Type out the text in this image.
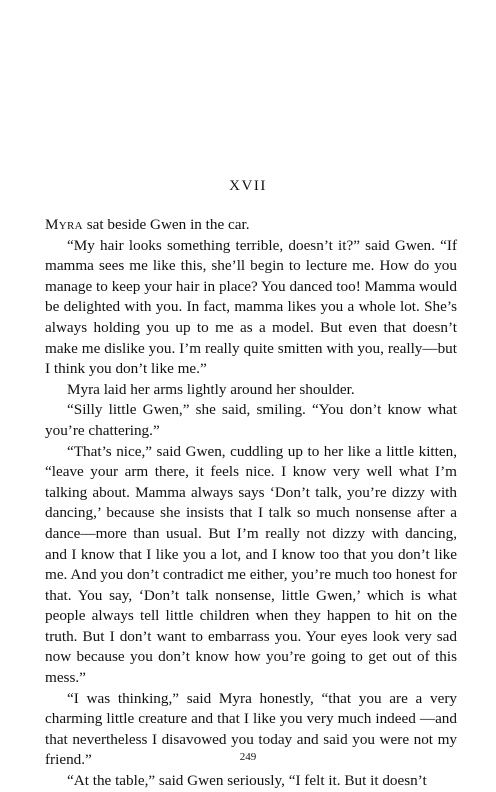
XVII

Myra sat beside Gwen in the car.

“My hair looks something terrible, doesn’t it?” said Gwen. “If mamma sees me like this, she’ll begin to lecture me. How do you manage to keep your hair in place? You danced too! Mamma would be delighted with you. In fact, mamma likes you a whole lot. She’s always holding you up to me as a model. But even that doesn’t make me dislike you. I’m really quite smitten with you, really—but I think you don’t like me.”

Myra laid her arms lightly around her shoulder.

“Silly little Gwen,” she said, smiling. “You don’t know what you’re chattering.”

“That’s nice,” said Gwen, cuddling up to her like a little kitten, “leave your arm there, it feels nice. I know very well what I’m talking about. Mamma always says ‘Don’t talk, you’re dizzy with dancing,’ because she insists that I talk so much nonsense after a dance—more than usual. But I’m really not dizzy with dancing, and I know that I like you a lot, and I know too that you don’t like me. And you don’t contradict me either, you’re much too honest for that. You say, ‘Don’t talk nonsense, little Gwen,’ which is what people always tell little children when they happen to hit on the truth. But I don’t want to embarrass you. Your eyes look very sad now because you don’t know how you’re going to get out of this mess.”

“I was thinking,” said Myra honestly, “that you are a very charming little creature and that I like you very much indeed —and that nevertheless I disavowed you today and said you were not my friend.”

“At the table,” said Gwen seriously, “I felt it. But it doesn’t

249
